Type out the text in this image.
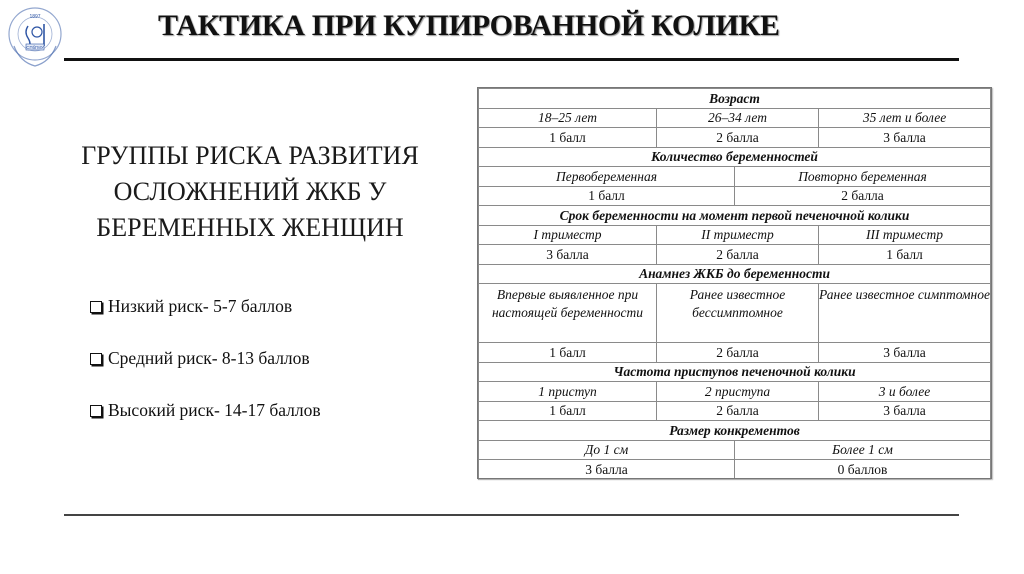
1897
СПбГМУ
ТАКТИКА ПРИ КУПИРОВАННОЙ КОЛИКЕ
ГРУППЫ РИСКА РАЗВИТИЯ
ОСЛОЖНЕНИЙ ЖКБ У
БЕРЕМЕННЫХ ЖЕНЩИН
Низкий риск- 5-7 баллов
Средний риск- 8-13 баллов
Высокий риск- 14-17 баллов
Возраст			
18–25 лет	26–34 лет		35 лет и более
1 балл	2 балла		3 балла
Количество беременностей			
Первобеременная		Повторно беременная	
1 балл		2 балла	
Срок беременности на момент первой печеночной колики			
I триместр	II триместр		III триместр
3 балла	2 балла		1 балл
Анамнез ЖКБ до беременности			
Впервые выявленное при настоящей беременности	Ранее известное бессимптомное		Ранее известное симптомное
1 балл	2 балла		3 балла
Частота приступов печеночной колики			
1 приступ	2 приступа		3 и более
1 балл	2 балла		3 балла
Размер конкрементов			
До 1 см		Более 1 см	
3 балла		0 баллов	
